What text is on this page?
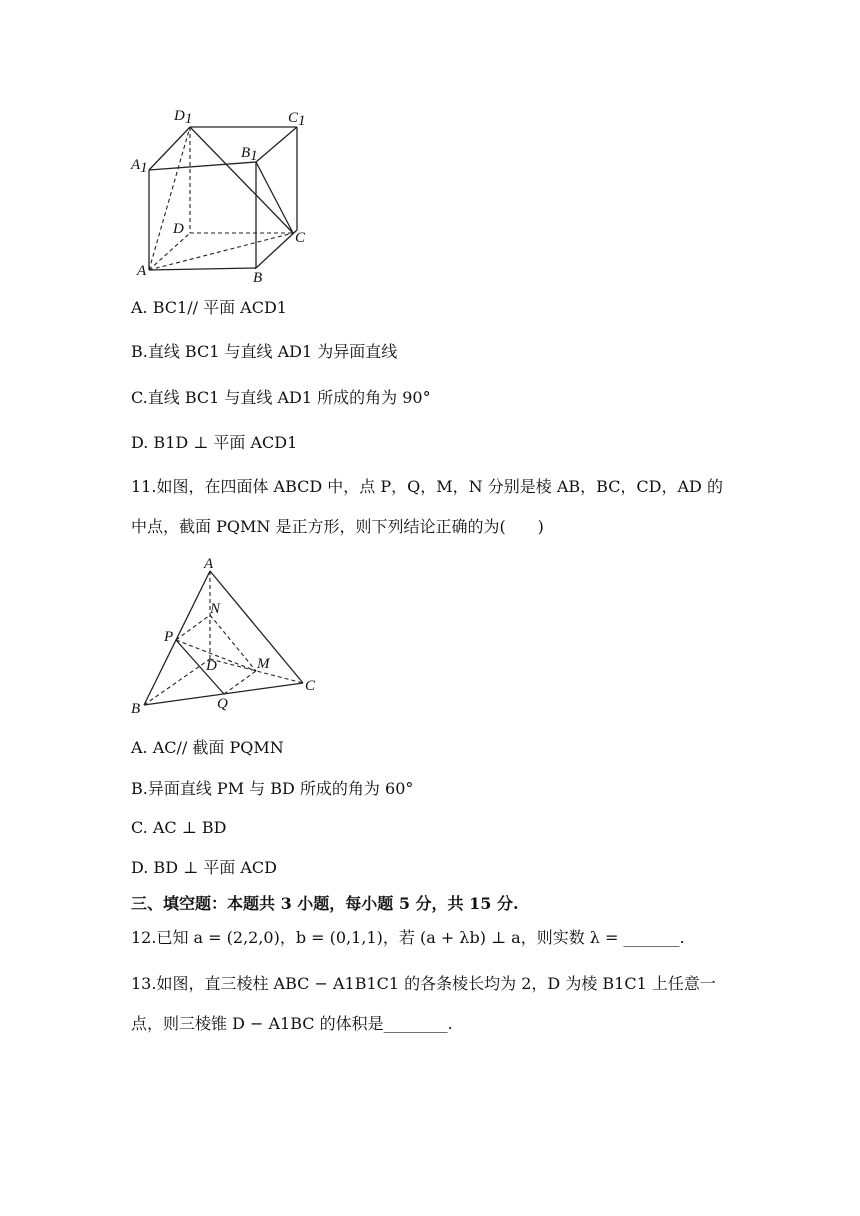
D1	C1
A1
B1
D
C
A	B
A. BC1// 平面 ACD1
B.直线 BC1 与直线 AD1 为异面直线
C.直线 BC1 与直线 AD1 所成的角为 90°
D. B1D ⊥ 平面 ACD1
11.如图，在四面体 ABCD 中，点 P，Q，M，N 分别是棱 AB，BC，CD，AD 的中点，截面 PQMN 是正方形，则下列结论正确的为(　　)
A
N
P
D	M
C
B	Q
A. AC// 截面 PQMN
B.异面直线 PM 与 BD 所成的角为 60°
C. AC ⊥ BD
D. BD ⊥ 平面 ACD
三、填空题：本题共 3 小题，每小题 5 分，共 15 分.
12.已知 a = (2,2,0)，b = (0,1,1)，若 (a + λb) ⊥ a，则实数 λ = _______.
13.如图，直三棱柱 ABC − A1B1C1 的各条棱长均为 2，D 为棱 B1C1 上任意一点，则三棱锥 D − A1BC 的体积是________.
